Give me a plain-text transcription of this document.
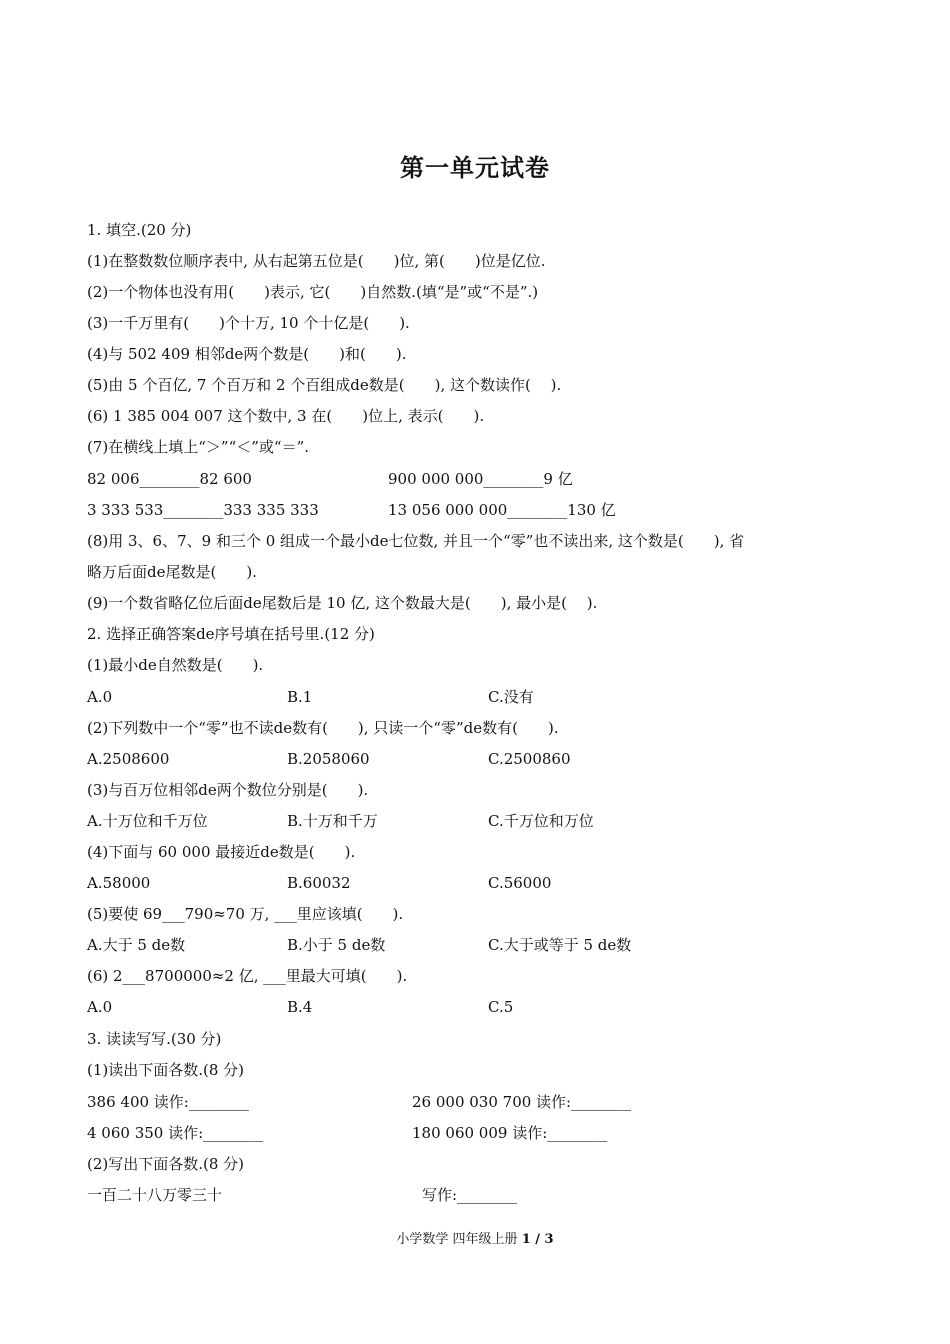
第一单元试卷
1. 填空.(20 分)
(1)在整数数位顺序表中, 从右起第五位是(　　)位, 第(　　)位是亿位.
(2)一个物体也没有用(　　)表示, 它(　　)自然数.(填“是”或“不是”.)
(3)一千万里有(　　)个十万, 10 个十亿是(　　).
(4)与 502 409 相邻de两个数是(　　)和(　　).
(5)由 5 个百亿, 7 个百万和 2 个百组成de数是(　　), 这个数读作(　 ).
(6) 1 385 004 007 这个数中, 3 在(　　)位上, 表示(　　).
(7)在横线上填上“＞”“＜”或“＝”.
82 006________82 600	900 000 000________9 亿
3 333 533________333 335 333	13 056 000 000________130 亿
(8)用 3、6、7、9 和三个 0 组成一个最小de七位数, 并且一个“零”也不读出来, 这个数是(　　), 省
略万后面de尾数是(　　).
(9)一个数省略亿位后面de尾数后是 10 亿, 这个数最大是(　　), 最小是(　 ).
2. 选择正确答案de序号填在括号里.(12 分)
(1)最小de自然数是(　　).
A.0	B.1	C.没有
(2)下列数中一个“零”也不读de数有(　　), 只读一个“零”de数有(　　).
A.2508600	B.2058060	C.2500860
(3)与百万位相邻de两个数位分别是(　　).
A.十万位和千万位	B.十万和千万	C.千万位和万位
(4)下面与 60 000 最接近de数是(　　).
A.58000	B.60032	C.56000
(5)要使 69___790≈70 万, ___里应该填(　　).
A.大于 5 de数	B.小于 5 de数	C.大于或等于 5 de数
(6) 2___8700000≈2 亿, ___里最大可填(　　).
A.0	B.4	C.5
3. 读读写写.(30 分)
(1)读出下面各数.(8 分)
386 400 读作:________	26 000 030 700 读作:________
4 060 350 读作:________	180 060 009 读作:________
(2)写出下面各数.(8 分)
一百二十八万零三十	写作:________
小学数学 四年级上册 1 / 3
